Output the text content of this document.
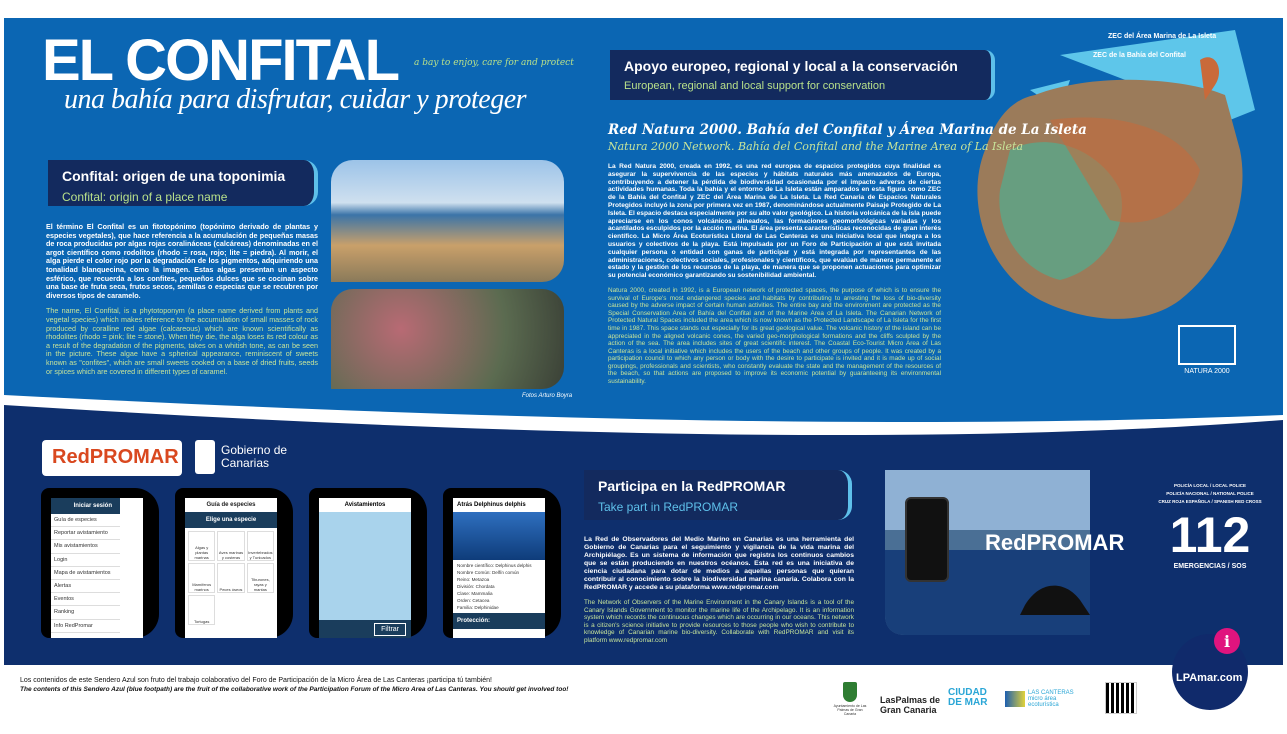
i
EL CONFITAL a bay to enjoy, care for and protect
una bahía para disfrutar, cuidar y proteger
Confital: origen de una toponimia
Confital: origin of a place name
El término El Confital es un fitotopónimo (topónimo derivado de plantas y especies vegetales), que hace referencia a la acumulación de pequeñas masas de roca producidas por algas rojas coralináceas (calcáreas) denominadas en el argot científico como rodolitos (rhodo = rosa, rojo; lite = piedra). Al morir, el alga pierde el color rojo por la degradación de los pigmentos, adquiriendo una tonalidad blanquecina, como la imagen. Estas algas presentan un aspecto esférico, que recuerda a los confites, pequeños dulces que se cocinan sobre una base de fruta seca, frutos secos, semillas o especias que se recubren por diversos tipos de caramelo.
The name, El Confital, is a phytotoponym (a place name derived from plants and vegetal species) which makes reference to the accumulation of small masses of rock produced by coralline red algae (calcareous) which are known scientifically as rhodolites (rhodo = pink; lite = stone). When they die, the alga loses its red colour as a result of the degradation of the pigments, takes on a whitish tone, as can be seen in the picture. These algae have a spherical appearance, reminiscent of sweets known as "confites", which are small sweets cooked on a base of dried fruits, seeds or spices which are covered in different types of caramel.
Fotos Arturo Boyra
Apoyo europeo, regional y local a la conservación
European, regional and local support for conservation
Red Natura 2000. Bahía del Confital y Área Marina de La Isleta
Natura 2000 Network. Bahía del Confital and the Marine Area of La Isleta
La Red Natura 2000, creada en 1992, es una red europea de espacios protegidos cuya finalidad es asegurar la supervivencia de las especies y hábitats naturales más amenazados de Europa, contribuyendo a detener la pérdida de biodiversidad ocasionada por el impacto adverso de ciertas actividades humanas. Toda la bahía y el entorno de La Isleta están amparados en esta figura como ZEC de la Bahía del Confital y ZEC del Área Marina de La Isleta. La Red Canaria de Espacios Naturales Protegidos incluyó la zona por primera vez en 1987, denominándose actualmente Paisaje Protegido de La Isleta. El espacio destaca especialmente por su alto valor geológico. La historia volcánica de la isla puede apreciarse en los conos volcánicos alineados, las formaciones geomorfológicas variadas y los acantilados esculpidos por la acción marina. El área presenta características reconocidas de gran interés científico. La Micro Área Ecoturística Litoral de Las Canteras es una iniciativa local que integra a los usuarios y colectivos de la playa. Está impulsada por un Foro de Participación al que está invitada cualquier persona o entidad con ganas de participar y está integrada por representantes de las administraciones, colectivos sociales, profesionales y científicos, que evalúan de manera permanente el estado y la gestión de los recursos de la playa, de manera que se proponen actuaciones para optimizar su potencial económico garantizando su sostenibilidad ambiental.
Natura 2000, created in 1992, is a European network of protected spaces, the purpose of which is to ensure the survival of Europe's most endangered species and habitats by contributing to arresting the loss of bio-diversity caused by the adverse impact of certain human activities. The entire bay and the environment are protected as the Special Conservation Area of Bahía del Confital and of the Marine Area of La Isleta. The Canarian Network of Protected Natural Spaces included the area which is now known as the Protected Landscape of La Isleta for the first time in 1987. This space stands out especially for its great geological value. The volcanic history of the island can be appreciated in the aligned volcanic cones, the varied geo-morphological formations and the cliffs sculpted by the action of the sea. The area includes sites of great scientific interest. The Coastal Eco-Tourist Micro Area of Las Canteras is a local initiative which includes the users of the beach and other groups of people. It was created by a participation council to which any person or body with the desire to participate is invited and it is made up of social groupings, professionals and scientists, who constantly evaluate the state and the management of the resources of the beach, so that actions are proposed to improve its economic potential by guaranteeing its environmental sustainability.
ZEC del Área Marina de La Isleta
ZEC de la Bahía del Confital
NATURA 2000
RedPROMAR	Gobierno de Canarias
Iniciar sesión
Guía de especies
Reportar avistamiento
Mis avistamientos
Login
Mapa de avistamientos
Alertas
Eventos
Ranking
Info RedPromar
Guía de especies
Elige una especie
Algas y plantas marinas
Aves marinas y costeras
Invertebrados y Tunicados
Mamíferos marinos	Peces óseos
Tiburones, rayas y mantas
Tortugas
Avistamientos
Filtrar
Atrás Delphinus delphis
Nombre científico: Delphinus delphis
Nombre Común: Delfín común
Reino: Metazoa
División: Chordata
Clase: Mammalia
Orden: Cetacea
Familia: Delphinidae
Protección:
Participa en la RedPROMAR
Take part in RedPROMAR
La Red de Observadores del Medio Marino en Canarias es una herramienta del Gobierno de Canarias para el seguimiento y vigilancia de la vida marina del Archipiélago. Es un sistema de información que registra los continuos cambios que se están produciendo en nuestros océanos. Esta red es una iniciativa de ciencia ciudadana para dotar de medios a aquellas personas que quieran contribuir al conocimiento sobre la biodiversidad marina canaria. Colabora con la RedPROMAR y accede a su plataforma www.redpromar.com
The Network of Observers of the Marine Environment in the Canary Islands is a tool of the Canary Islands Government to monitor the marine life of the Archipelago. It is an information system which records the continuous changes which are occurring in our oceans. This network is a citizen's science initiative to provide resources to those people who wish to contribute to knowledge of Canarian marine bio-diversity. Collaborate with RedPROMAR and visit its platform www.redpromar.com
RedPROMAR
POLICÍA LOCAL / LOCAL POLICE
POLICÍA NACIONAL / NATIONAL POLICE
CRUZ ROJA ESPAÑOLA / SPANISH RED CROSS
112
EMERGENCIAS / SOS
Los contenidos de este Sendero Azul son fruto del trabajo colaborativo del Foro de Participación de la Micro Área de Las Canteras ¡participa tú también!
The contents of this Sendero Azul (blue footpath) are the fruit of the collaborative work of the Participation Forum of the Micro Area of Las Canteras. You should get involved too!
Ayuntamiento de Las Palmas de Gran Canaria
LasPalmas de Gran Canaria
CIUDAD DE MAR
LAS CANTERAS micro área ecoturística
LPAmar.com
